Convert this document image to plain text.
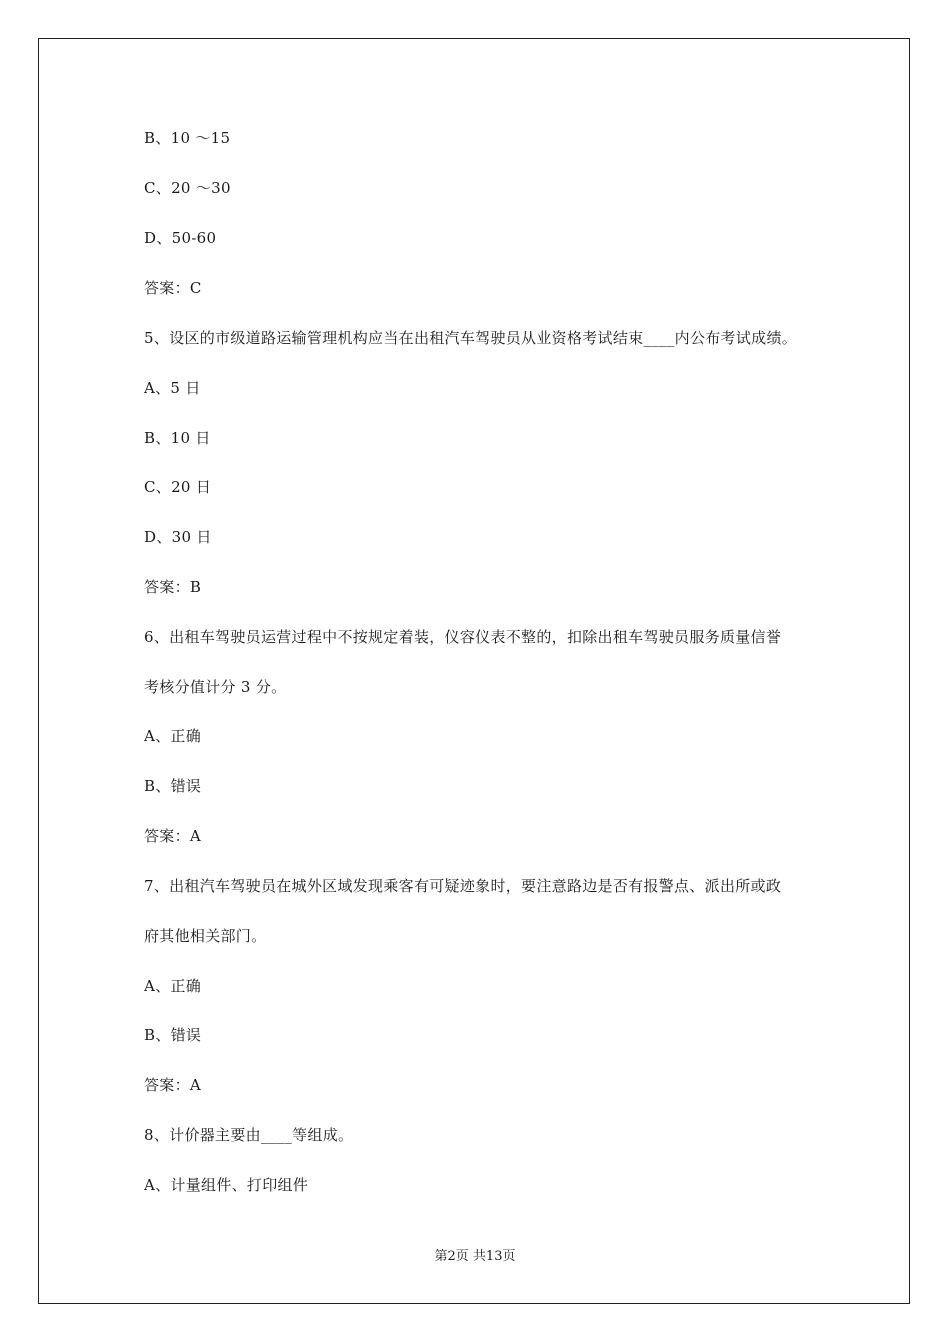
B、10 ～15
C、20 ～30
D、50-60
答案：C
5、设区的市级道路运输管理机构应当在出租汽车驾驶员从业资格考试结束____内公布考试成绩。
A、5 日
B、10 日
C、20 日
D、30 日
答案：B
6、出租车驾驶员运营过程中不按规定着装，仪容仪表不整的，扣除出租车驾驶员服务质量信誉
考核分值计分 3 分。
A、正确
B、错误
答案：A
7、出租汽车驾驶员在城外区域发现乘客有可疑迹象时，要注意路边是否有报警点、派出所或政
府其他相关部门。
A、正确
B、错误
答案：A
8、计价器主要由____等组成。
A、计量组件、打印组件
第2页 共13页
